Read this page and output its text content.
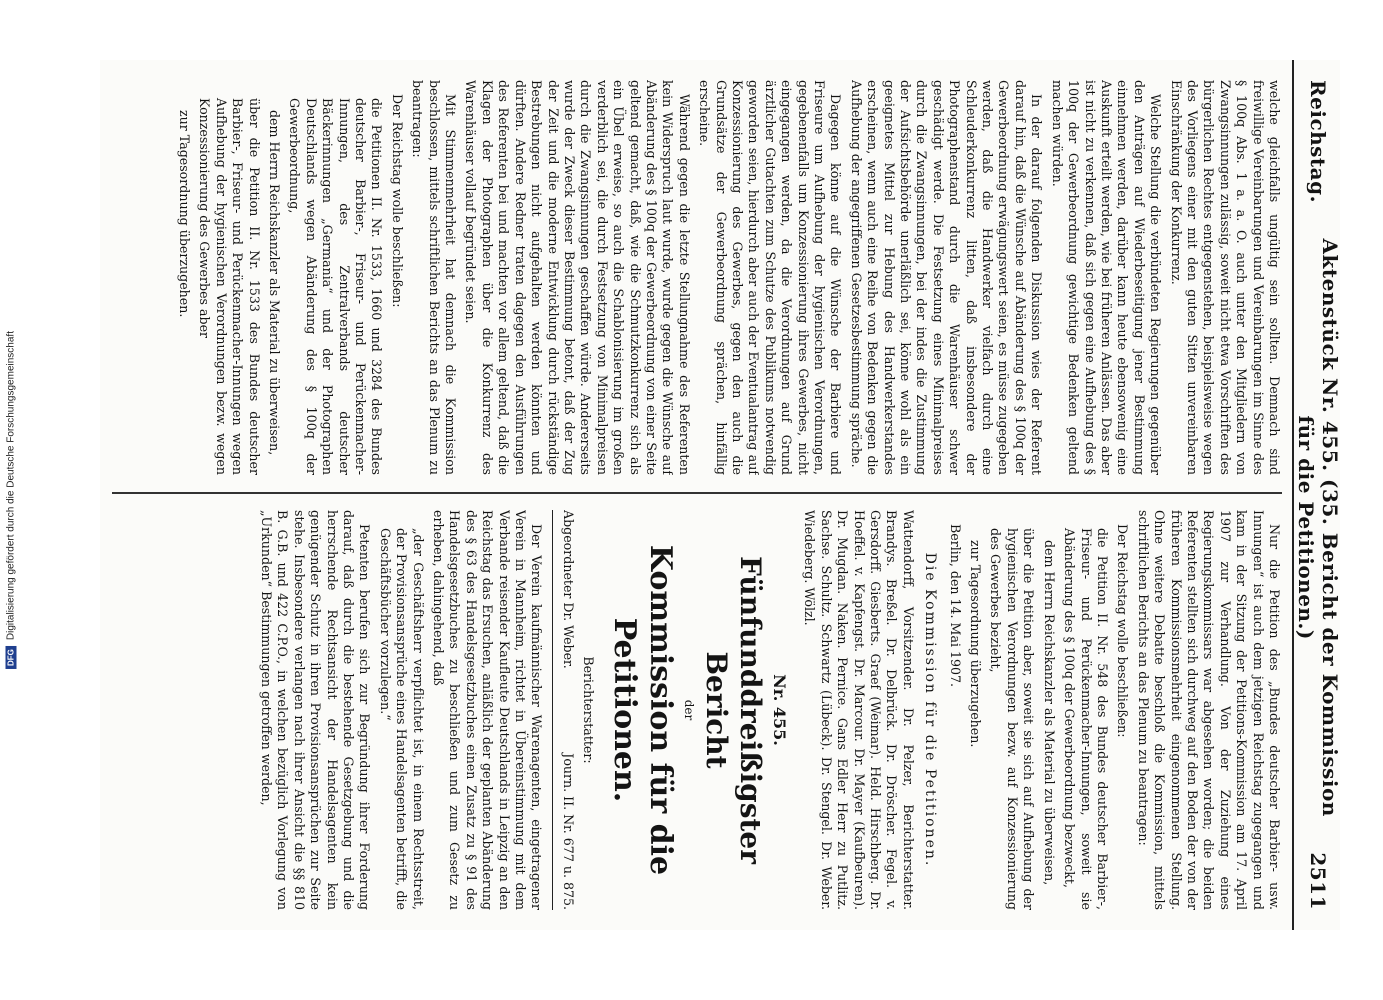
DFG
Digitalisierung gefördert durch die Deutsche Forschungsgemeinschaft
Reichstag.
Aktenstück Nr. 455. (35. Bericht der Kommission für die Petitionen.)
2511

welche gleichfalls ungültig sein sollten. Demnach sind freiwillige Vereinbarungen und Vereinbarungen im Sinne des § 100q Abs. 1 a. a. O. auch unter den Mitgliedern von Zwangsinnungen zulässig, soweit nicht etwa Vorschriften des bürgerlichen Rechtes entgegenstehen, beispielsweise wegen des Vorliegens einer mit den guten Sitten unvereinbaren Einschränkung der Konkurrenz.

Welche Stellung die verbündeten Regierungen gegenüber den Anträgen auf Wiederbeseitigung jener Bestimmung einnehmen werden, darüber kann heute ebensowenig eine Auskunft erteilt werden, wie bei früheren Anlässen. Das aber ist nicht zu verkennen, daß sich gegen eine Aufhebung des § 100q der Gewerbeordnung gewichtige Bedenken geltend machen würden.

In der darauf folgenden Diskussion wies der Referent darauf hin, daß die Wünsche auf Abänderung des § 100q der Gewerbeordnung erwägungswert seien, es müsse zugegeben werden, daß die Handwerker vielfach durch eine Schleuderkonkurrenz litten, daß insbesondere der Photographenstand durch die Warenhäuser schwer geschädigt werde. Die Festsetzung eines Minimalpreises durch die Zwangsinnungen, bei der indes die Zustimmung der Aufsichtsbehörde unerläßlich sei, könne wohl als ein geeignetes Mittel zur Hebung des Handwerkerstandes erscheinen, wenn auch eine Reihe von Bedenken gegen die Aufhebung der angegriffenen Gesetzesbestimmung spräche.

Dagegen könne auf die Wünsche der Barbiere und Friseure um Aufhebung der hygienischen Verordnungen, gegebenenfalls um Konzessionierung ihres Gewerbes, nicht eingegangen werden, da die Verordnungen auf Grund ärztlicher Gutachten zum Schutze des Publikums notwendig geworden seien, hierdurch aber auch der Eventualantrag auf Konzessionierung des Gewerbes, gegen den auch die Grundsätze der Gewerbeordnung sprächen, hinfällig erscheine.

Während gegen die letzte Stellungnahme des Referenten kein Widerspruch laut wurde, wurde gegen die Wünsche auf Abänderung des § 100q der Gewerbeordnung von einer Seite geltend gemacht, daß, wie die Schmutzkonkurrenz sich als ein Übel erweise, so auch die Schablonisierung im großen verderblich sei, die durch Festsetzung von Minimalpreisen durch die Zwangsinnungen geschaffen würde. Andererseits wurde der Zweck dieser Bestimmung betont, daß der Zug der Zeit und die moderne Entwicklung durch rückständige Bestrebungen nicht aufgehalten werden könnten und dürften. Andere Redner traten dagegen den Ausführungen des Referenten bei und machten vor allem geltend, daß die Klagen der Photographen über die Konkurrenz des Warenhäuser vollauf begründet seien.

Mit Stimmenmehrheit hat demnach die Kommission beschlossen, mittels schriftlichen Berichts an das Plenum zu beantragen:

Der Reichstag wolle beschließen:

die Petitionen II. Nr. 1533, 1660 und 3284 des Bundes deutscher Barbier-, Friseur- und Perückenmacher-Innungen, des Zentralverbands deutscher Bäckerinnungen „Germania“ und der Photographen Deutschlands wegen Abänderung des § 100q der Gewerbeordnung,

dem Herrn Reichskanzler als Material zu überweisen,

über die Petition II. Nr. 1533 des Bundes deutscher Barbier-, Friseur- und Perückenmacher-Innungen wegen Aufhebung der hygienischen Verordnungen bezw. wegen Konzessionierung des Gewerbes aber

zur Tagesordnung überzugehen.

Nur die Petition des „Bundes deutscher Barbier- usw. Innungen“ ist auch dem jetzigen Reichstag zugegangen und kam in der Sitzung der Petitions-Kommission am 17. April 1907 zur Verhandlung. Von der Zuziehung eines Regierungskommissars war abgesehen worden; die beiden Referenten stellten sich durchweg auf den Boden der von der früheren Kommissionsmehrheit eingenommenen Stellung. Ohne weitere Debatte beschloß die Kommission, mittels schriftlichen Berichts an das Plenum zu beantragen:

Der Reichstag wolle beschließen:

die Petition II. Nr. 548 des Bundes deutscher Barbier-, Friseur- und Perückenmacher-Innungen, soweit sie Abänderung des § 100q der Gewerbeordnung bezweckt,

dem Herrn Reichskanzler als Material zu überweisen,

über die Petition aber, soweit sie sich auf Aufhebung der hygienischen Verordnungen bezw. auf Konzessionierung des Gewerbes bezieht,

zur Tagesordnung überzugehen.

Berlin, den 14. Mai 1907.

Die Kommission für die Petitionen.

Wattendorff, Vorsitzender. Dr. Pelzer, Berichterstatter. Brandys. Breßel. Dr. Delbrück. Dr. Dröscher. Fegel. v. Gersdorff. Giesberts. Graef (Weimar). Held. Hirschberg. Dr. Hoeffel. v. Kapfengst. Dr. Marcour. Dr. Mayer (Kaufbeuren). Dr. Mugdan. Naken. Pernice. Gans Edler Herr zu Putlitz. Sachse. Schultz. Schwartz (Lübeck). Dr. Stengel. Dr. Weber. Wiedeberg. Wölzl.

Nr. 455.

Fünfunddreißigster Bericht

der

Kommission für die Petitionen.

Berichterstatter:

Abgeordneter Dr. Weber.
Journ. II. Nr. 677 u. 875.

Der Verein kaufmännischer Warenagenten, eingetragener Verein in Mannheim, richtet in Übereinstimmung mit dem Verbande reisender Kaufleute Deutschlands in Leipzig an den Reichstag das Ersuchen, anläßlich der geplanten Abänderung des § 63 des Handelsgesetzbuches einen Zusatz zu § 91 des Handelsgesetzbuches zu beschließen und zum Gesetz zu erheben, dahingehend, daß

„der Geschäftsherr verpflichtet ist, in einem Rechtsstreit, der Provisionsansprüche eines Handelsagenten betrifft, die Geschäftsbücher vorzulegen.“

Petenten berufen sich zur Begründung ihrer Forderung darauf, daß durch die bestehende Gesetzgebung und die herrschende Rechtsansicht der Handelsagenten kein genügender Schutz in ihren Provisionsansprüchen zur Seite stehe. Insbesondere verlangen nach ihrer Ansicht die §§ 810 B. G.B. und 422 C.P.O., in welchen bezüglich Vorlegung von „Urkunden“ Bestimmungen getroffen werden,
